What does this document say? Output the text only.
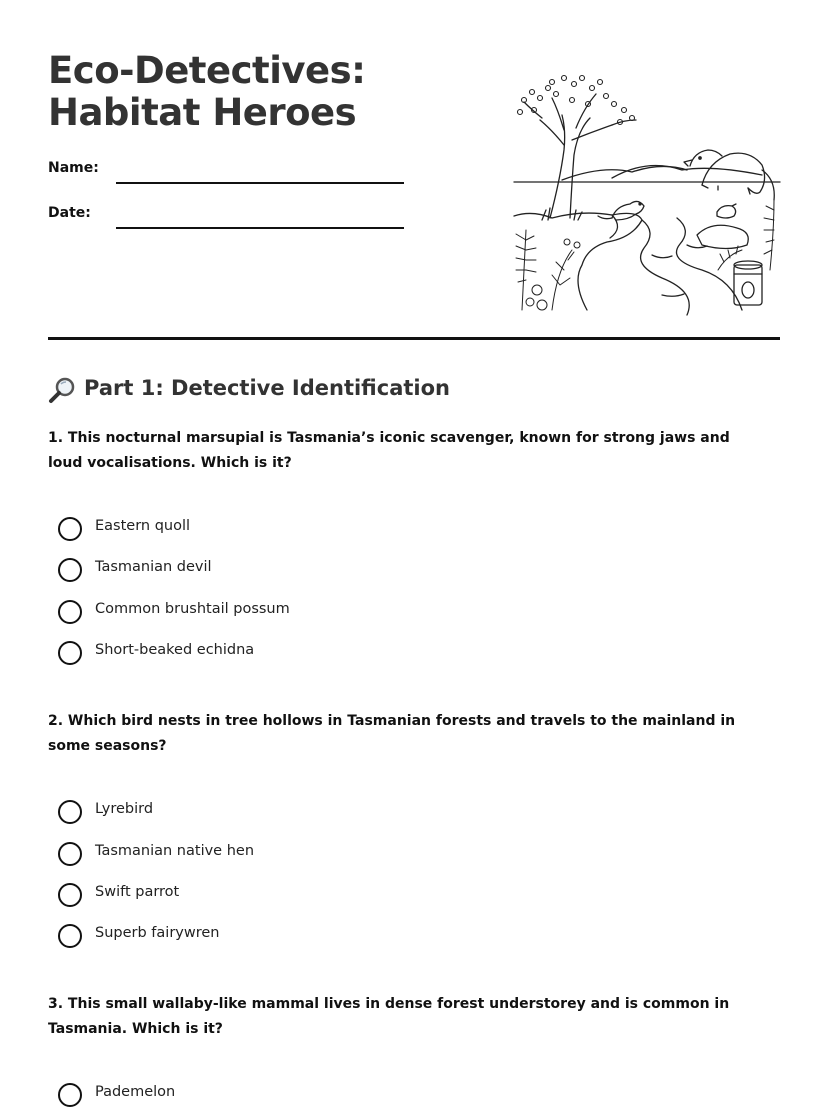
Eco-Detectives: Habitat Heroes
Name:
Date:
Part 1: Detective Identification

1. This nocturnal marsupial is Tasmania’s iconic scavenger, known for strong jaws and loud vocalisations. Which is it?

Eastern quoll
Tasmanian devil
Common brushtail possum
Short-beaked echidna

2. Which bird nests in tree hollows in Tasmanian forests and travels to the mainland in some seasons?

Lyrebird
Tasmanian native hen
Swift parrot
Superb fairywren

3. This small wallaby-like mammal lives in dense forest understorey and is common in Tasmania. Which is it?

Pademelon
